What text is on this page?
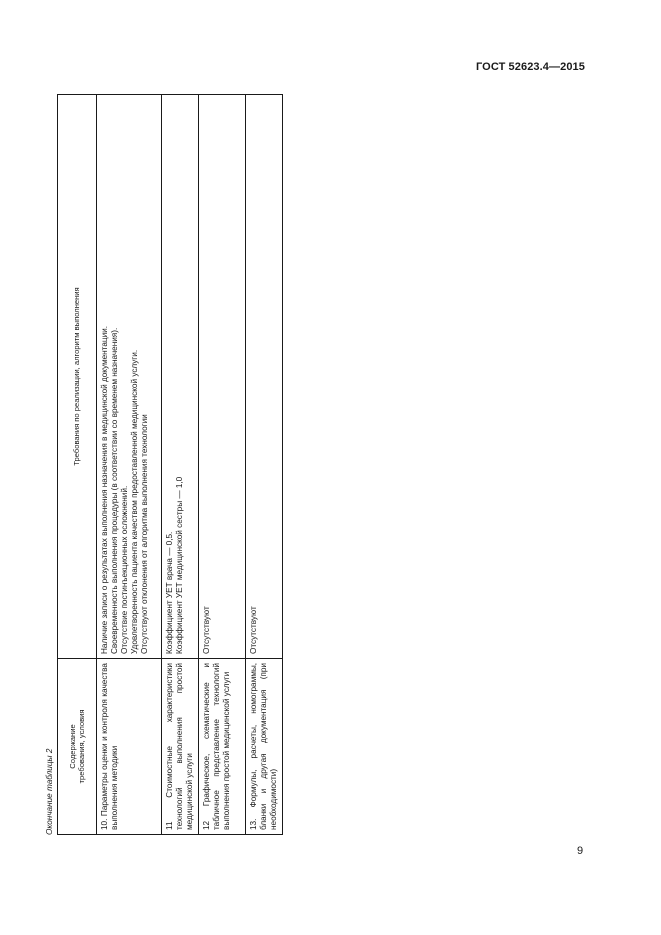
ГОСТ 52623.4—2015
Окончание таблицы 2
Содержание требования, условия	Требования по реализации, алгоритм выполнения
10. Параметры оценки и контроля качества выполнения методики	Наличие записи о результатах выполнения назначения в медицинской документации. Своевременность выполнения процедуры (в соответствии со временем назначения). Отсутствие постинъекционных осложнений. Удовлетворенность пациента качеством предоставленной медицинской услуги. Отсутствуют отклонения от алгоритма выполнения технологии

11 Стоимостные характеристики технологий выполнения простой медицинской услуги	Коэффициент УЕТ врача — 0,5. Коэффициент УЕТ медицинской сестры — 1,0

12 Графическое, схематические и табличное представление технологий выполнения простой медицинской услуги	Отсутствуют

13. Формулы, расчеты, номограммы, бланки и другая документация (при необходимости)	Отсутствуют
9
